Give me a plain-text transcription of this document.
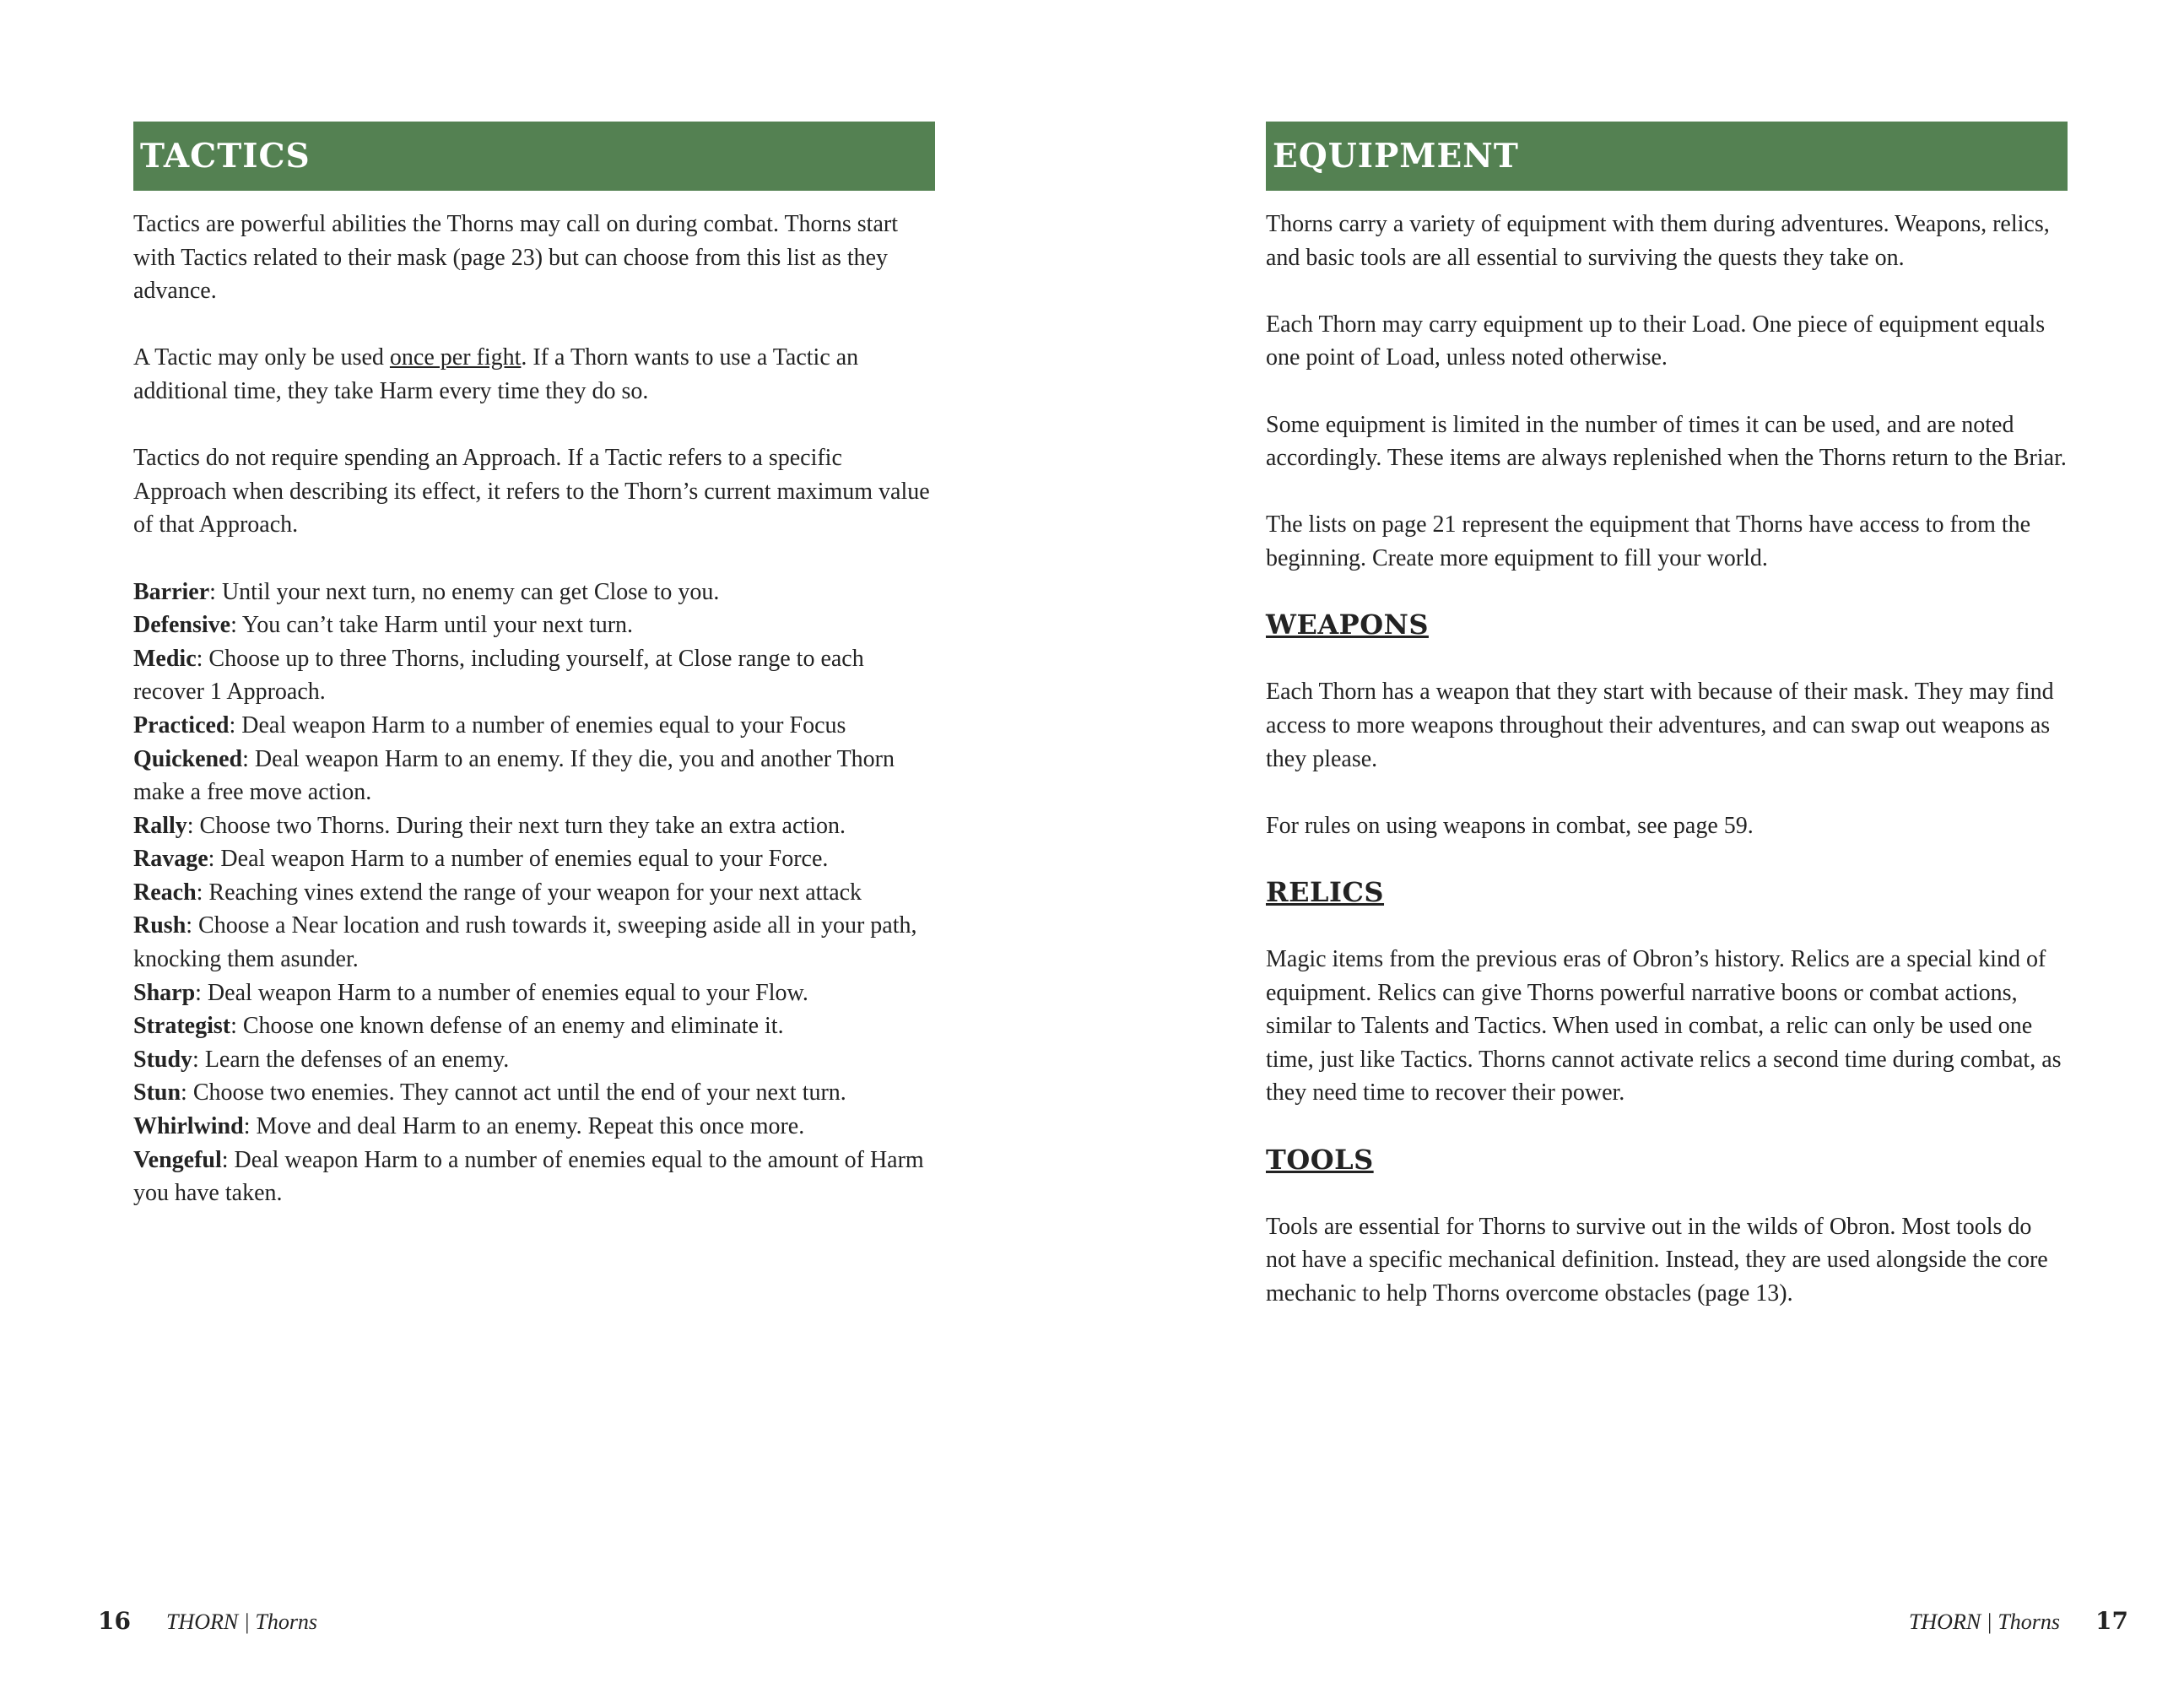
TACTICS

Tactics are powerful abilities the Thorns may call on during combat. Thorns start with Tactics related to their mask (page 23) but can choose from this list as they advance.

A Tactic may only be used once per fight. If a Thorn wants to use a Tactic an additional time, they take Harm every time they do so.

Tactics do not require spending an Approach. If a Tactic refers to a specific Approach when describing its effect, it refers to the Thorn’s current maximum value of that Approach.

Barrier: Until your next turn, no enemy can get Close to you.
Defensive: You can’t take Harm until your next turn.
Medic: Choose up to three Thorns, including yourself, at Close range to each recover 1 Approach.
Practiced: Deal weapon Harm to a number of enemies equal to your Focus
Quickened: Deal weapon Harm to an enemy. If they die, you and another Thorn make a free move action.
Rally: Choose two Thorns. During their next turn they take an extra action.
Ravage: Deal weapon Harm to a number of enemies equal to your Force.
Reach: Reaching vines extend the range of your weapon for your next attack
Rush: Choose a Near location and rush towards it, sweeping aside all in your path, knocking them asunder.
Sharp: Deal weapon Harm to a number of enemies equal to your Flow.
Strategist: Choose one known defense of an enemy and eliminate it.
Study: Learn the defenses of an enemy.
Stun: Choose two enemies. They cannot act until the end of your next turn.
Whirlwind: Move and deal Harm to an enemy. Repeat this once more.
Vengeful: Deal weapon Harm to a number of enemies equal to the amount of Harm you have taken.
16 THORN | Thorns
EQUIPMENT

Thorns carry a variety of equipment with them during adventures. Weapons, relics, and basic tools are all essential to surviving the quests they take on.

Each Thorn may carry equipment up to their Load. One piece of equipment equals one point of Load, unless noted otherwise.

Some equipment is limited in the number of times it can be used, and are noted accordingly. These items are always replenished when the Thorns return to the Briar.

The lists on page 21 represent the equipment that Thorns have access to from the beginning. Create more equipment to fill your world.

WEAPONS

Each Thorn has a weapon that they start with because of their mask. They may find access to more weapons throughout their adventures, and can swap out weapons as they please.

For rules on using weapons in combat, see page 59.

RELICS

Magic items from the previous eras of Obron’s history. Relics are a special kind of equipment. Relics can give Thorns powerful narrative boons or combat actions, similar to Talents and Tactics. When used in combat, a relic can only be used one time, just like Tactics. Thorns cannot activate relics a second time during combat, as they need time to recover their power.

TOOLS

Tools are essential for Thorns to survive out in the wilds of Obron. Most tools do not have a specific mechanical definition. Instead, they are used alongside the core mechanic to help Thorns overcome obstacles (page 13).

THORN | Thorns 17
